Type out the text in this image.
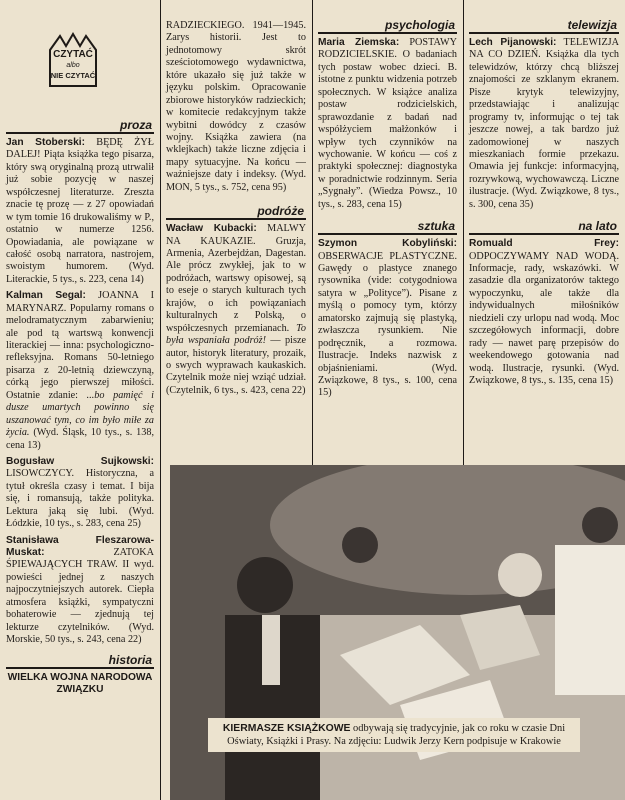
CZYTAĆ
albo
NIE CZYTAĆ
proza

Jan Stoberski: BĘDĘ ŻYŁ DALEJ! Piąta książka tego pisarza, który swą oryginalną prozą utrwalił już sobie pozycję w naszej współczesnej literaturze. Zreszta znacie tę prozę — z 27 opowiadań w tym tomie 16 drukowaliśmy w P., ostatnio w numerze 1256. Opowiadania, ale powiązane w całość osobą narratora, nastrojem, swoistym humorem. (Wyd. Literackie, 5 tys., s. 223, cena 14)

Kalman Segal: JOANNA I MARYNARZ. Popularny romans o melodramatycznym zabarwieniu; ale pod tą wartswą konwencji literackiej — inna: psychologiczno-refleksyjna. Romans 50-letniego pisarza z 20-letnią dziewczyną, córką jego pierwszej miłości. Ostatnie zdanie: ...bo pamięć i dusze umartych powinno się uszanować tym, co im było miłe za życia. (Wyd. Śląsk, 10 tys., s. 138, cena 13)

Bogusław Sujkowski: LISOWCZYCY. Historyczna, a tytuł określa czasy i temat. I bija się, i romansują, także polityka. Lektura jaką się lubi. (Wyd. Łódzkie, 10 tys., s. 283, cena 25)

Stanisława Fleszarowa-Muskat: ZATOKA ŚPIEWAJĄCYCH TRAW. II wyd. powieści jednej z naszych najpoczytniejszych autorek. Ciepła atmosfera książki, sympatyczni bohaterowie — zjednują tej lekturze czytelników. (Wyd. Morskie, 50 tys., s. 243, cena 22)

historia

WIELKA WOJNA NARODOWA ZWIĄZKU

RADZIECKIEGO. 1941—1945. Zarys historii. Jest to jednotomowy skrót sześciotomowego wydawnictwa, które ukazało się już także w języku polskim. Opracowanie zbiorowe historyków radzieckich; w komitecie redakcyjnym także wybitni dowódcy z czasów wojny. Książka zawiera (na wklejkach) także liczne zdjęcia i mapy sytuacyjne. Na końcu — ważniejsze daty i indeksy. (Wyd. MON, 5 tys., s. 752, cena 95)

podróże

Wacław Kubacki: MALWY NA KAUKAZIE. Gruzja, Armenia, Azerbejdżan, Dagestan. Ale prócz zwykłej, jak to w podróżach, wartswy opisowej, są to eseje o starych kulturach tych krajów, o ich powiązaniach kulturalnych z Polską, o współczesnych przemianach. To była wspaniała podróż! — pisze autor, historyk literatury, prozaik, o swych wyprawach kaukaskich. Czytelnik może niej wziąć udział. (Czytelnik, 6 tys., s. 423, cena 22)

psychologia

Maria Ziemska: POSTAWY RODZICIELSKIE. O badaniach tych postaw wobec dzieci. B. istotne z punktu widzenia potrzeb społecznych. W książce analiza postaw rodzicielskich, sprawozdanie z badań nad współżyciem małżonków i wpływ tych czynników na wychowanie. W końcu — coś z praktyki społecznej: diagnostyka w poradnictwie rodzinnym. Seria „Sygnały”. (Wiedza Powsz., 10 tys., s. 283, cena 15)

sztuka

Szymon Kobyliński: OBSERWACJE PLASTYCZNE. Gawędy o plastyce znanego rysownika (vide: cotygodniowa satyra w „Polityce”). Pisane z myślą o pomocy tym, którzy amatorsko zajmują się plastyką, zwłaszcza rysunkiem. Nie podręcznik, a rozmowa. Ilustracje. Indeks nazwisk z objaśnieniami. (Wyd. Związkowe, 8 tys., s. 100, cena 15)

telewizja

Lech Pijanowski: TELEWIZJA NA CO DZIEŃ. Książka dla tych telewidzów, którzy chcą bliższej znajomości ze szklanym ekranem. Pisze krytyk telewizyjny, przedstawiając i analizując programy tv, informując o tej tak jeszcze nowej, a tak bardzo już zadomowionej w naszych mieszkaniach formie przekazu. Omawia jej funkcje: informacyjną, rozrywkową, wychowawczą. Liczne ilustracje. (Wyd. Związkowe, 8 tys., s. 300, cena 35)

na lato

Romuald Frey: ODPOCZYWAMY NAD WODĄ. Informacje, rady, wskazówki. W zasadzie dla organizatorów taktego wypoczynku, ale także dla indywidualnych miłośników niedzieli czy urlopu nad wodą. Moc szczegółowych informacji, dobre rady — nawet parę przepisów do weekendowego gotowania nad wodą. Ilustracje, rysunki. (Wyd. Związkowe, 8 tys., s. 135, cena 15)

KIERMASZE KSIĄŻKOWE odbywają się tradycyjnie, jak co roku w czasie Dni Oświaty, Książki i Prasy. Na zdjęciu: Ludwik Jerzy Kern podpisuje w Krakowie
